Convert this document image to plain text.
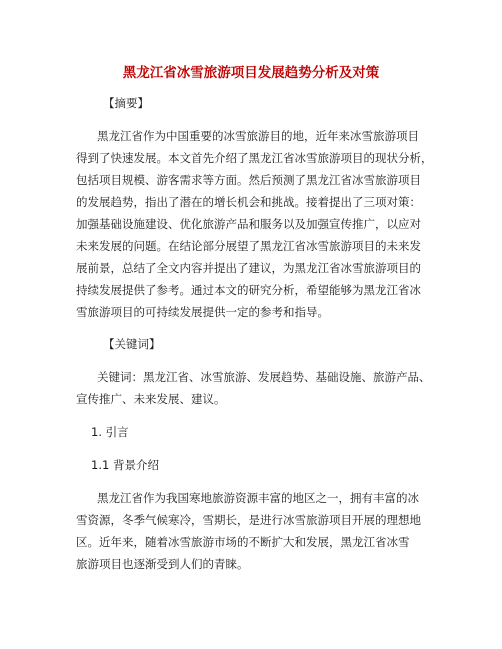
黑龙江省冰雪旅游项目发展趋势分析及对策
【摘要】
黑龙江省作为中国重要的冰雪旅游目的地，近年来冰雪旅游项目
得到了快速发展。本文首先介绍了黑龙江省冰雪旅游项目的现状分析，
包括项目规模、游客需求等方面。然后预测了黑龙江省冰雪旅游项目
的发展趋势，指出了潜在的增长机会和挑战。接着提出了三项对策：
加强基础设施建设、优化旅游产品和服务以及加强宣传推广，以应对
未来发展的问题。在结论部分展望了黑龙江省冰雪旅游项目的未来发
展前景，总结了全文内容并提出了建议，为黑龙江省冰雪旅游项目的
持续发展提供了参考。通过本文的研究分析，希望能够为黑龙江省冰
雪旅游项目的可持续发展提供一定的参考和指导。
【关键词】
关键词：黑龙江省、冰雪旅游、发展趋势、基础设施、旅游产品、
宣传推广、未来发展、建议。
1. 引言
1.1 背景介绍
黑龙江省作为我国寒地旅游资源丰富的地区之一，拥有丰富的冰
雪资源，冬季气候寒冷，雪期长，是进行冰雪旅游项目开展的理想地
区。近年来，随着冰雪旅游市场的不断扩大和发展，黑龙江省冰雪
旅游项目也逐渐受到人们的青睐。
